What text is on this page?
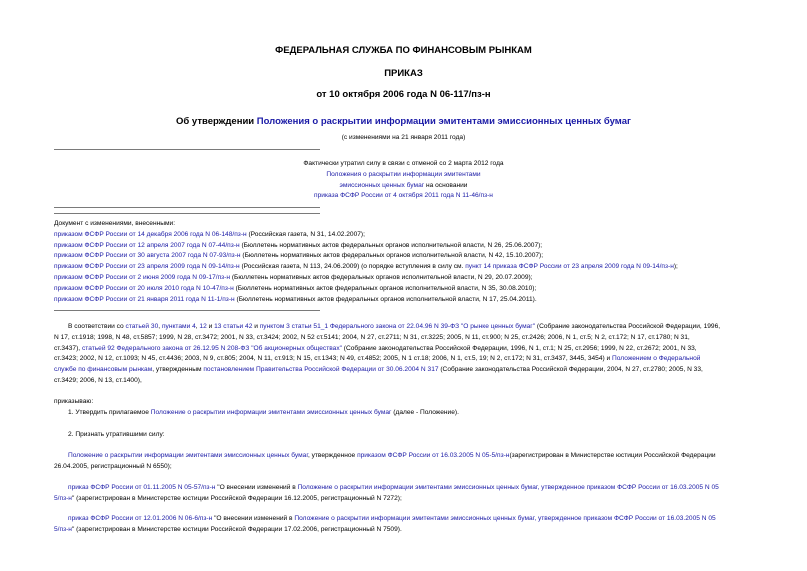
ФЕДЕРАЛЬНАЯ СЛУЖБА ПО ФИНАНСОВЫМ РЫНКАМ
ПРИКАЗ
от 10 октября 2006 года N 06-117/пз-н
Об утверждении Положения о раскрытии информации эмитентами эмиссионных ценных бумаг
(с изменениями на 21 января 2011 года)
Фактически утратил силу в связи с отменой со 2 марта 2012 года
Положения о раскрытии информации эмитентами
эмиссионных ценных бумаг на основании
приказа ФСФР России от 4 октября 2011 года N 11-46/пз-н
Документ с изменениями, внесенными:
приказом ФСФР России от 14 декабря 2006 года N 06-148/пз-н (Российская газета, N 31, 14.02.2007);
приказом ФСФР России от 12 апреля 2007 года N 07-44/пз-н (Бюллетень нормативных актов федеральных органов исполнительной власти, N 26, 25.06.2007);
приказом ФСФР России от 30 августа 2007 года N 07-93/пз-н (Бюллетень нормативных актов федеральных органов исполнительной власти, N 42, 15.10.2007);
приказом ФСФР России от 23 апреля 2009 года N 09-14/пз-н (Российская газета, N 113, 24.06.2009) (о порядке вступления в силу см. пункт 14 приказа ФСФР России от 23 апреля 2009 года N 09-14/пз-н);
приказом ФСФР России от 2 июня 2009 года N 09-17/пз-н (Бюллетень нормативных актов федеральных органов исполнительной власти, N 29, 20.07.2009);
приказом ФСФР России от 20 июля 2010 года N 10-47/пз-н (Бюллетень нормативных актов федеральных органов исполнительной власти, N 35, 30.08.2010);
приказом ФСФР России от 21 января 2011 года N 11-1/пз-н (Бюллетень нормативных актов федеральных органов исполнительной власти, N 17, 25.04.2011).
В соответствии со статьей 30, пунктами 4, 12 и 13 статьи 42 и пунктом 3 статьи 51_1 Федерального закона от 22.04.96 N 39-ФЗ "О рынке ценных бумаг" (Собрание законодательства Российской Федерации, 1996,
N 17, ст.1918; 1998, N 48, ст.5857; 1999, N 28, ст.3472; 2001, N 33, ст.3424; 2002, N 52 ст.5141; 2004, N 27, ст.2711; N 31, ст.3225; 2005, N 11, ст.900; N 25, ст.2426; 2006, N 1, ст.5; N 2, ст.172; N 17, ст.1780; N 31,
ст.3437), статьей 92 Федерального закона от 26.12.95 N 208-ФЗ "Об акционерных обществах" (Собрание законодательства Российской Федерации, 1996, N 1, ст.1; N 25, ст.2956; 1999, N 22, ст.2672; 2001, N 33,
ст.3423; 2002, N 12, ст.1093; N 45, ст.4436; 2003, N 9, ст.805; 2004, N 11, ст.913; N 15, ст.1343; N 49, ст.4852; 2005, N 1 ст.18; 2006, N 1, ст.5, 19; N 2, ст.172; N 31, ст.3437, 3445, 3454) и Положением о Федеральной
службе по финансовым рынкам, утвержденным постановлением Правительства Российской Федерации от 30.06.2004 N 317 (Собрание законодательства Российской Федерации, 2004, N 27, ст.2780; 2005, N 33,
ст.3429; 2006, N 13, ст.1400),
приказываю:
1. Утвердить прилагаемое Положение о раскрытии информации эмитентами эмиссионных ценных бумаг (далее - Положение).
2. Признать утратившими силу:
Положение о раскрытии информации эмитентами эмиссионных ценных бумаг, утвержденное приказом ФСФР России от 16.03.2005 N 05-5/пз-н(зарегистрирован в Министерстве юстиции Российской Федерации
26.04.2005, регистрационный N 6550);
приказ ФСФР России от 01.11.2005 N 05-57/пз-н "О внесении изменений в Положение о раскрытии информации эмитентами эмиссионных ценных бумаг, утвержденное приказом ФСФР России от 16.03.2005 N 05
5/пз-н" (зарегистрирован в Министерстве юстиции Российской Федерации 16.12.2005, регистрационный N 7272);
приказ ФСФР России от 12.01.2006 N 06-6/пз-н "О внесении изменений в Положение о раскрытии информации эмитентами эмиссионных ценных бумаг, утвержденное приказом ФСФР России от 16.03.2005 N 05
5/пз-н" (зарегистрирован в Министерстве юстиции Российской Федерации 17.02.2006, регистрационный N 7509).
